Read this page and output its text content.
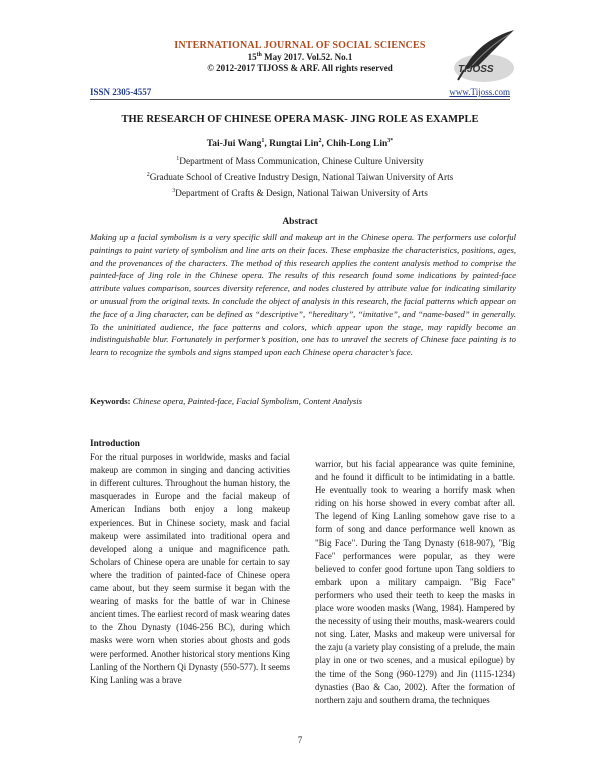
INTERNATIONAL JOURNAL OF SOCIAL SCIENCES
15th May 2017. Vol.52. No.1
© 2012-2017 TIJOSS & ARF. All rights reserved	TIJOSS
ISSN 2305-4557	www.Tijoss.com
THE RESEARCH OF CHINESE OPERA MASK- JING ROLE AS EXAMPLE
Tai-Jui Wang$^1$, Rungtai Lin$^2$, Chih-Long Lin$^{3*}$
$^1$Department of Mass Communication, Chinese Culture University
$^2$Graduate School of Creative Industry Design, National Taiwan University of Arts
$^3$Department of Crafts & Design, National Taiwan University of Arts
Abstract
Making up a facial symbolism is a very specific skill and makeup art in the Chinese opera. The performers use colorful paintings to paint variety of symbolism and line arts on their faces. These emphasize the characteristics, positions, ages, and the provenances of the characters. The method of this research applies the content analysis method to comprise the painted-face of Jing role in the Chinese opera. The results of this research found some indications by painted-face attribute values comparison, sources diversity reference, and nodes clustered by attribute value for indicating similarity or unusual from the original texts. In conclude the object of analysis in this research, the facial patterns which appear on the face of a Jing character, can be defined as “descriptive”, “hereditary”, “imitative”, and “name-based” in generally. To the uninitiated audience, the face patterns and colors, which appear upon the stage, may rapidly become an indistinguishable blur. Fortunately in performer’s position, one has to unravel the secrets of Chinese face painting is to learn to recognize the symbols and signs stamped upon each Chinese opera character's face.
Keywords: Chinese opera, Painted-face, Facial Symbolism, Content Analysis
Introduction

For the ritual purposes in worldwide, masks and facial makeup are common in singing and dancing activities in different cultures. Throughout the human history, the masquerades in Europe and the facial makeup of American Indians both enjoy a long makeup experiences. But in Chinese society, mask and facial makeup were assimilated into traditional opera and developed along a unique and magnificence path. Scholars of Chinese opera are unable for certain to say where the tradition of painted-face of Chinese opera came about, but they seem surmise it began with the wearing of masks for the battle of war in Chinese ancient times. The earliest record of mask wearing dates to the Zhou Dynasty (1046-256 BC), during which masks were worn when stories about ghosts and gods were performed. Another historical story mentions King Lanling of the Northern Qi Dynasty (550-577). It seems King Lanling was a brave

warrior, but his facial appearance was quite feminine, and he found it difficult to be intimidating in a battle. He eventually took to wearing a horrify mask when riding on his horse showed in every combat after all. The legend of King Lanling somehow gave rise to a form of song and dance performance well known as "Big Face". During the Tang Dynasty (618-907), "Big Face" performances were popular, as they were believed to confer good fortune upon Tang soldiers to embark upon a military campaign. "Big Face" performers who used their teeth to keep the masks in place wore wooden masks (Wang, 1984). Hampered by the necessity of using their mouths, mask-wearers could not sing. Later, Masks and makeup were universal for the zaju (a variety play consisting of a prelude, the main play in one or two scenes, and a musical epilogue) by the time of the Song (960-1279) and Jin (1115-1234) dynasties (Bao & Cao, 2002). After the formation of northern zaju and southern drama, the techniques

7
